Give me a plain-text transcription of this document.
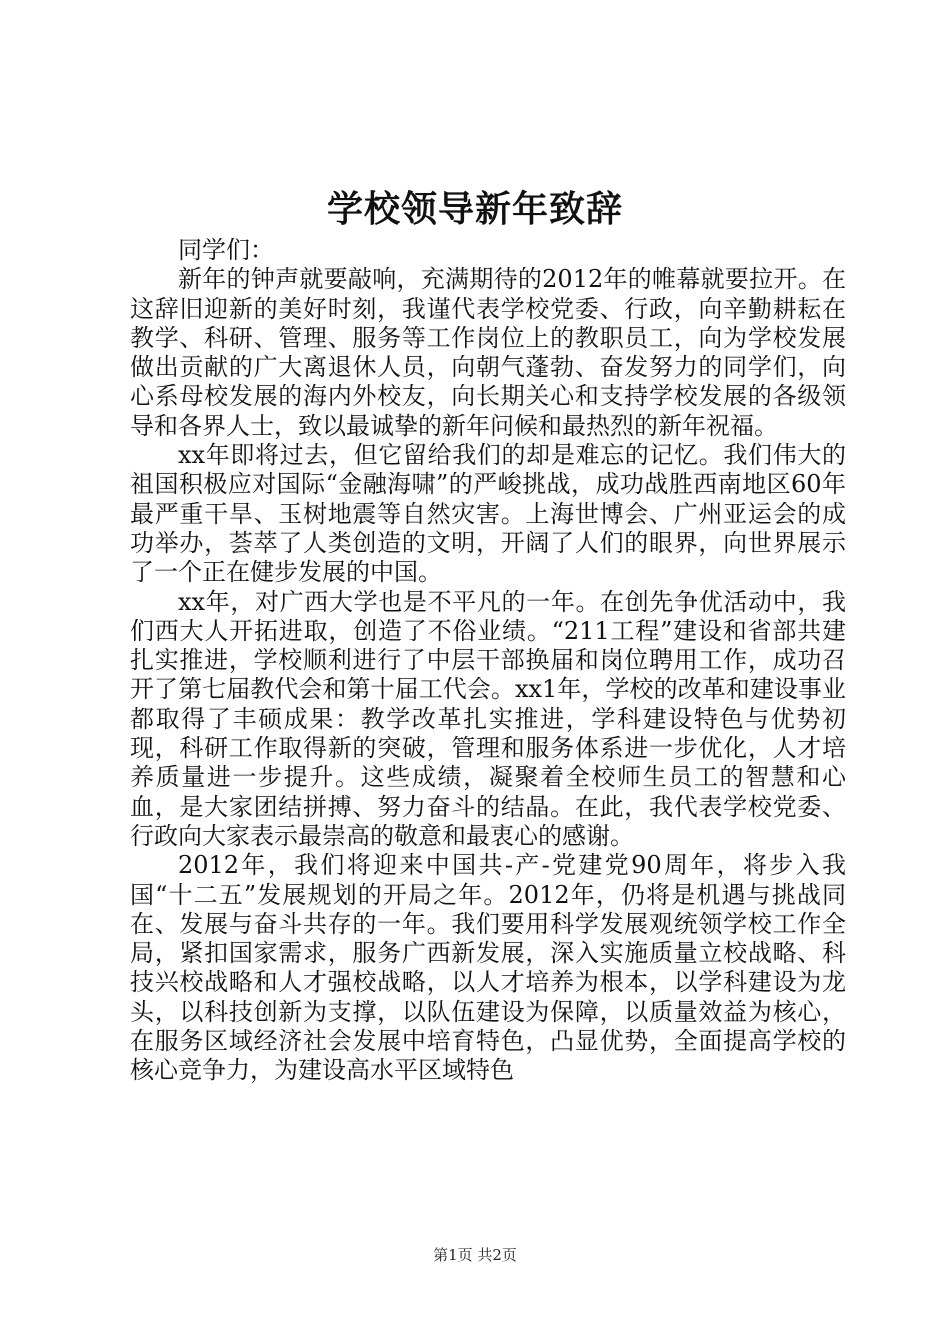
学校领导新年致辞

同学们：

新年的钟声就要敲响，充满期待的2012年的帷幕就要拉开。在这辞旧迎新的美好时刻，我谨代表学校党委、行政，向辛勤耕耘在教学、科研、管理、服务等工作岗位上的教职员工，向为学校发展做出贡献的广大离退休人员，向朝气蓬勃、奋发努力的同学们，向心系母校发展的海内外校友，向长期关心和支持学校发展的各级领导和各界人士，致以最诚挚的新年问候和最热烈的新年祝福。

xx年即将过去，但它留给我们的却是难忘的记忆。我们伟大的祖国积极应对国际“金融海啸”的严峻挑战，成功战胜西南地区60年最严重干旱、玉树地震等自然灾害。上海世博会、广州亚运会的成功举办，荟萃了人类创造的文明，开阔了人们的眼界，向世界展示了一个正在健步发展的中国。

xx年，对广西大学也是不平凡的一年。在创先争优活动中，我们西大人开拓进取，创造了不俗业绩。“211工程”建设和省部共建扎实推进，学校顺利进行了中层干部换届和岗位聘用工作，成功召开了第七届教代会和第十届工代会。xx1年，学校的改革和建设事业都取得了丰硕成果：教学改革扎实推进，学科建设特色与优势初现，科研工作取得新的突破，管理和服务体系进一步优化，人才培养质量进一步提升。这些成绩，凝聚着全校师生员工的智慧和心血，是大家团结拼搏、努力奋斗的结晶。在此，我代表学校党委、行政向大家表示最崇高的敬意和最衷心的感谢。

2012年，我们将迎来中国共-产-党建党90周年，将步入我国“十二五”发展规划的开局之年。2012年，仍将是机遇与挑战同在、发展与奋斗共存的一年。我们要用科学发展观统领学校工作全局，紧扣国家需求，服务广西新发展，深入实施质量立校战略、科技兴校战略和人才强校战略，以人才培养为根本，以学科建设为龙头，以科技创新为支撑，以队伍建设为保障，以质量效益为核心，在服务区域经济社会发展中培育特色，凸显优势，全面提高学校的核心竞争力，为建设高水平区域特色

第1页 共2页
